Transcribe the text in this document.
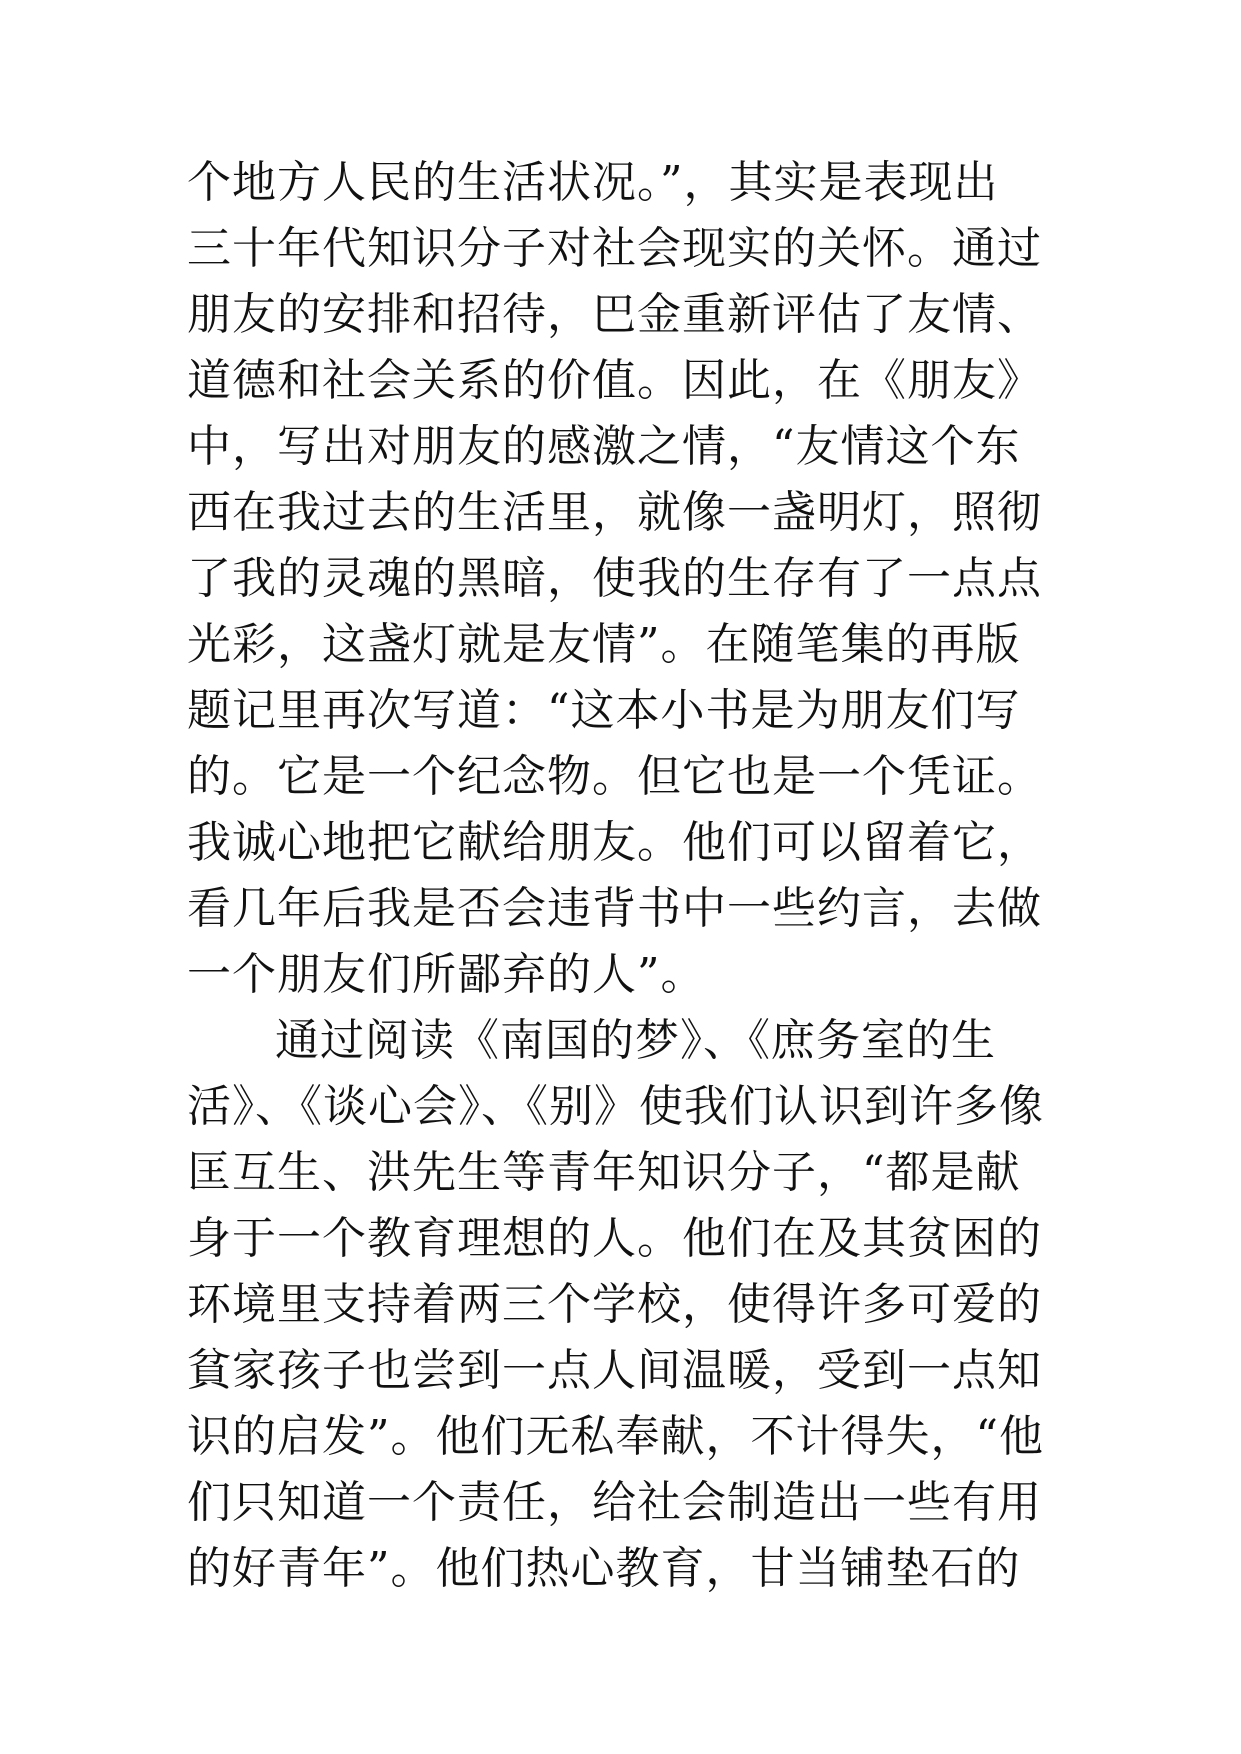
个地方人民的生活状况。”，其实是表现出
三十年代知识分子对社会现实的关怀。通过
朋友的安排和招待，巴金重新评估了友情、
道德和社会关系的价值。因此，在《朋友》
中，写出对朋友的感激之情，“友情这个东
西在我过去的生活里，就像一盏明灯，照彻
了我的灵魂的黑暗，使我的生存有了一点点
光彩，这盏灯就是友情”。在随笔集的再版
题记里再次写道：“这本小书是为朋友们写
的。它是一个纪念物。但它也是一个凭证。
我诚心地把它献给朋友。他们可以留着它，
看几年后我是否会违背书中一些约言，去做
一个朋友们所鄙弃的人”。
通过阅读《南国的梦》、《庶务室的生
活》、《谈心会》、《别》使我们认识到许多像
匡互生、洪先生等青年知识分子，“都是献
身于一个教育理想的人。他们在及其贫困的
环境里支持着两三个学校，使得许多可爱的
貧家孩子也尝到一点人间温暖，受到一点知
识的启发”。他们无私奉献，不计得失，“他
们只知道一个责任，给社会制造出一些有用
的好青年”。他们热心教育，甘当铺垫石的
